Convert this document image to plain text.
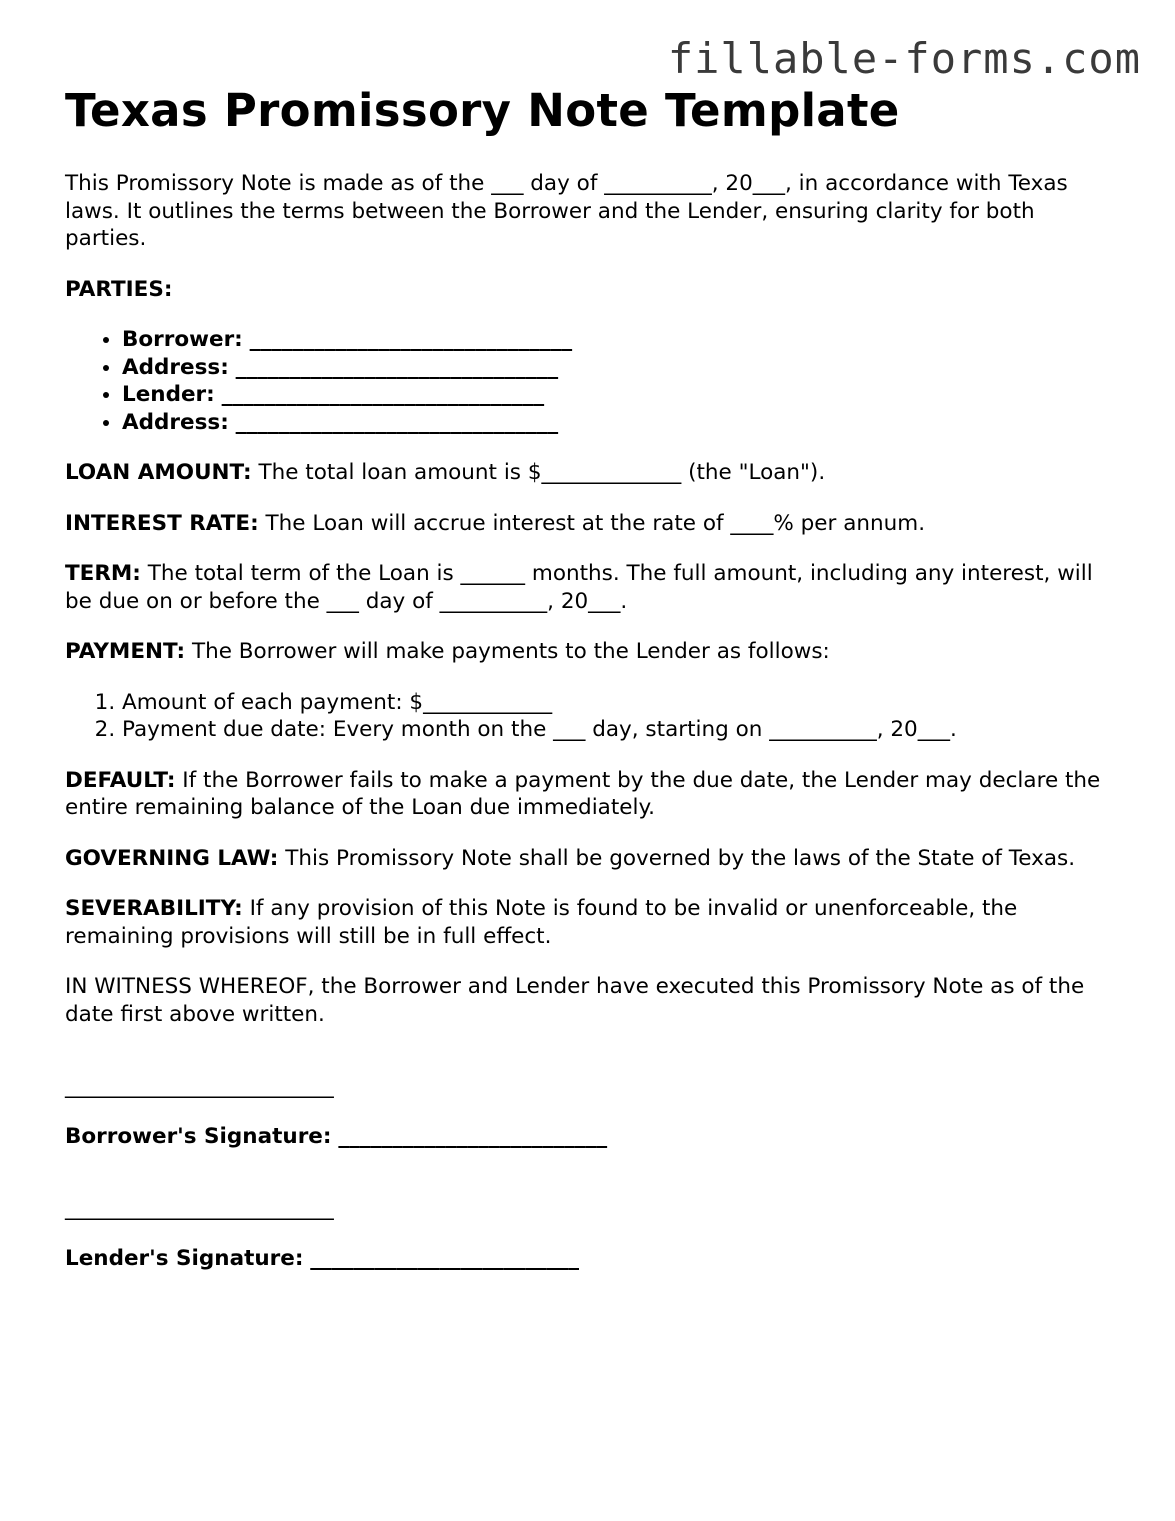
fillable-forms.com
Texas Promissory Note Template

This Promissory Note is made as of the ___ day of __________, 20___, in accordance with Texas laws. It outlines the terms between the Borrower and the Lender, ensuring clarity for both parties.

PARTIES:

• Borrower: ______________________________
• Address: ______________________________
• Lender: ______________________________
• Address: ______________________________

LOAN AMOUNT: The total loan amount is $_____________ (the "Loan").

INTEREST RATE: The Loan will accrue interest at the rate of ____% per annum.

TERM: The total term of the Loan is ______ months. The full amount, including any interest, will be due on or before the ___ day of __________, 20___.

PAYMENT: The Borrower will make payments to the Lender as follows:

1. Amount of each payment: $____________
2. Payment due date: Every month on the ___ day, starting on __________, 20___.

DEFAULT: If the Borrower fails to make a payment by the due date, the Lender may declare the entire remaining balance of the Loan due immediately.

GOVERNING LAW: This Promissory Note shall be governed by the laws of the State of Texas.

SEVERABILITY: If any provision of this Note is found to be invalid or unenforceable, the remaining provisions will still be in full effect.

IN WITNESS WHEREOF, the Borrower and Lender have executed this Promissory Note as of the date first above written.

_________________________
Borrower's Signature: _________________________
_________________________
Lender's Signature: _________________________
